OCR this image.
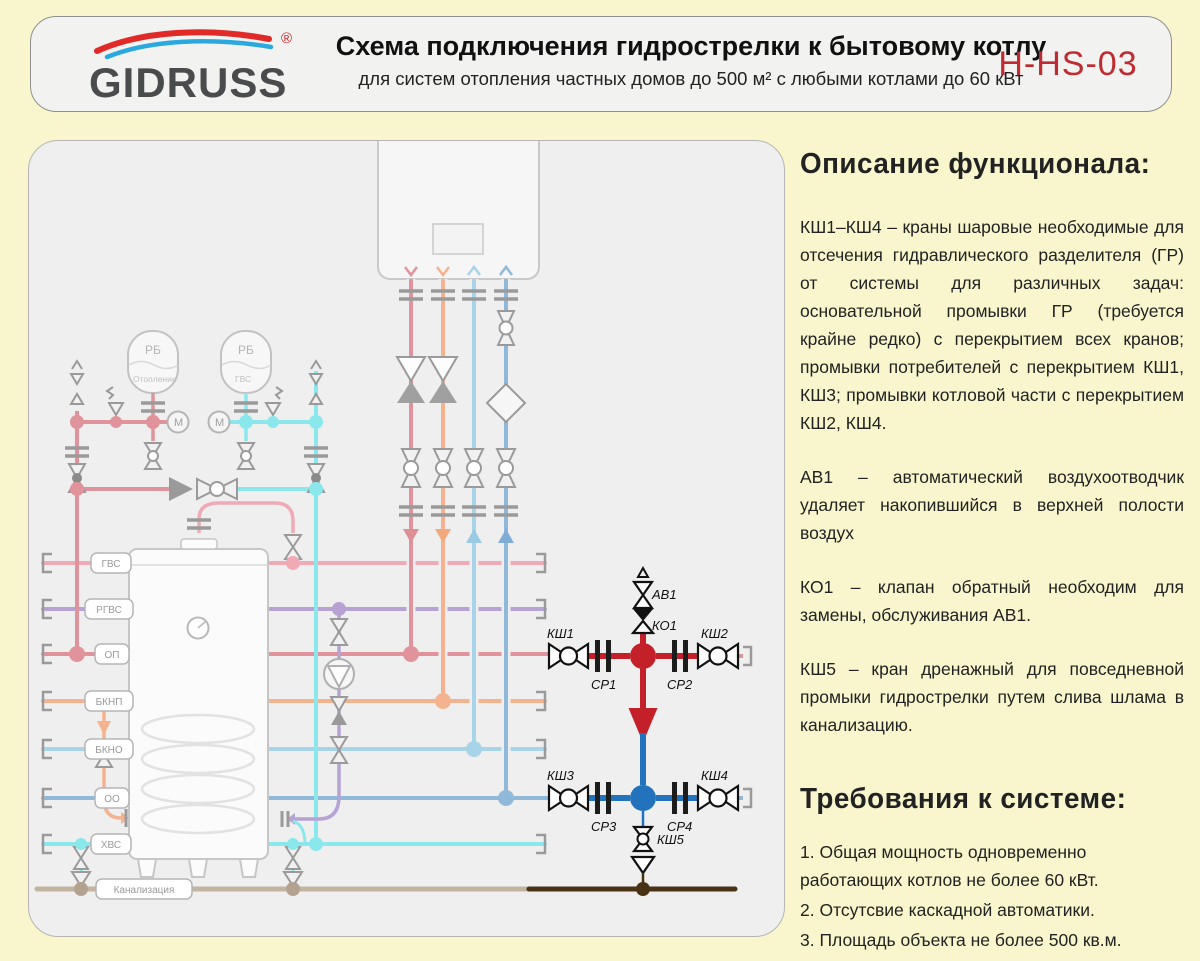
®
GIDRUSS
Схема подключения гидрострелки к бытовому котлу
для систем отопления частных домов до 500 м² с любыми котлами до 60 кВт
H-HS-03
РБ
Отопление
РБ
ГВС
М	М
ГВС
РГВС
ОП
БКНП
БКНО
ОО
ХВС
Канализация
АВ1
КО1
КШ1	КШ2
СР1	СР2
КШ3	КШ4
СР3	СР4
КШ5
Описание функционала:

КШ1–КШ4 – краны шаровые необходимые для отсечения гидравлического разделителя (ГР) от системы для различных задач: основательной промывки ГР (требуется крайне редко) с перекрытием всех кранов; промывки потребителей с перекрытием КШ1, КШ3; промывки котловой части с перекрытием КШ2, КШ4.

АВ1 – автоматический воздухоотводчик удаляет накопившийся в верхней полости воздух

КО1 – клапан обратный необходим для замены, обслуживания АВ1.

КШ5 – кран дренажный для повседневной промыки гидрострелки путем слива шлама в канализацию.

Требования к системе:

1. Общая мощность одновременно работающих котлов не более 60 кВт.

2. Отсутсвие каскадной автоматики.

3. Площадь объекта не более 500 кв.м.
